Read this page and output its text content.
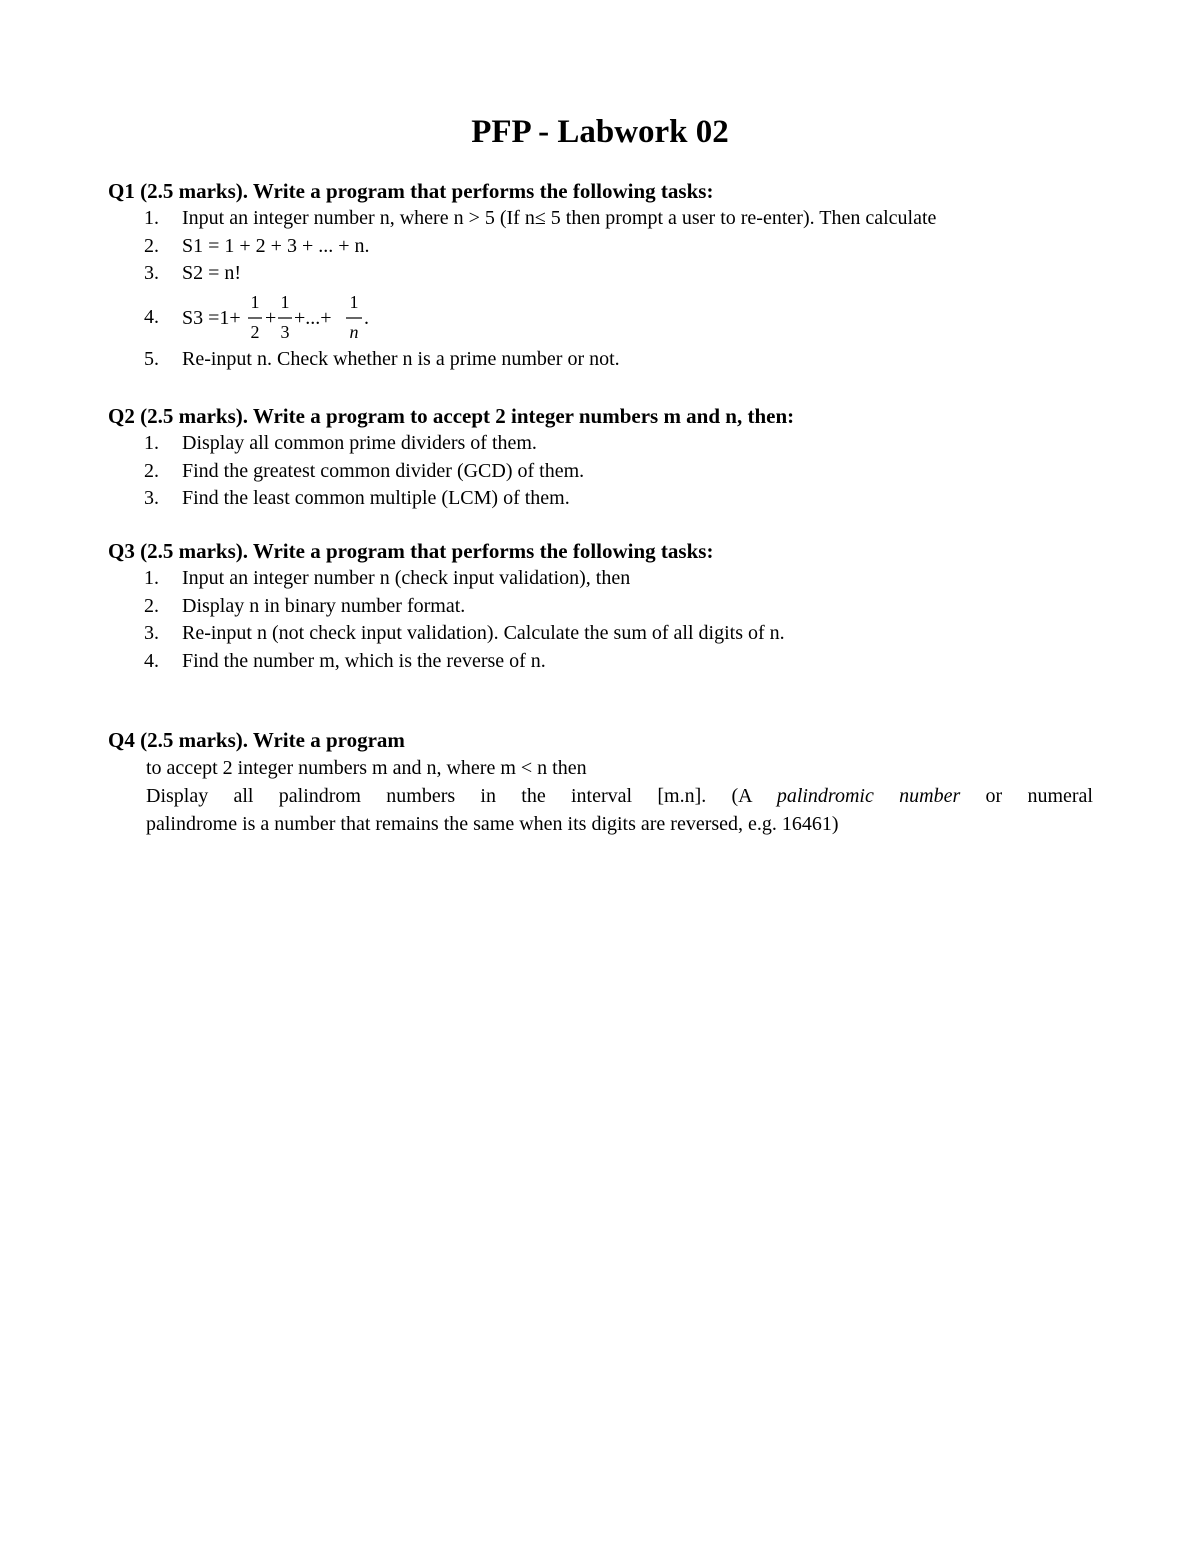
PFP - Labwork 02

Q1 (2.5 marks). Write a program that performs the following tasks:

1. Input an integer number n, where n > 5 (If n≤ 5 then prompt a user to re-enter). Then calculate
2. S1 = 1 + 2 + 3 + ... + n.
3. S2 = n!
4. S3 =1+
1
2
+
1
3
+...+
1
n
.
5. Re-input n. Check whether n is a prime number or not.

Q2 (2.5 marks). Write a program to accept 2 integer numbers m and n, then:

1. Display all common prime dividers of them.
2. Find the greatest common divider (GCD) of them.
3. Find the least common multiple (LCM) of them.

Q3 (2.5 marks). Write a program that performs the following tasks:

1. Input an integer number n (check input validation), then
2. Display n in binary number format.
3. Re-input n (not check input validation). Calculate the sum of all digits of n.
4. Find the number m, which is the reverse of n.

Q4 (2.5 marks). Write a program

to accept 2 integer numbers m and n, where m < n then

Display all palindrom numbers in the interval [m.n]. (A palindromic number or numeral

palindrome is a number that remains the same when its digits are reversed, e.g. 16461)
